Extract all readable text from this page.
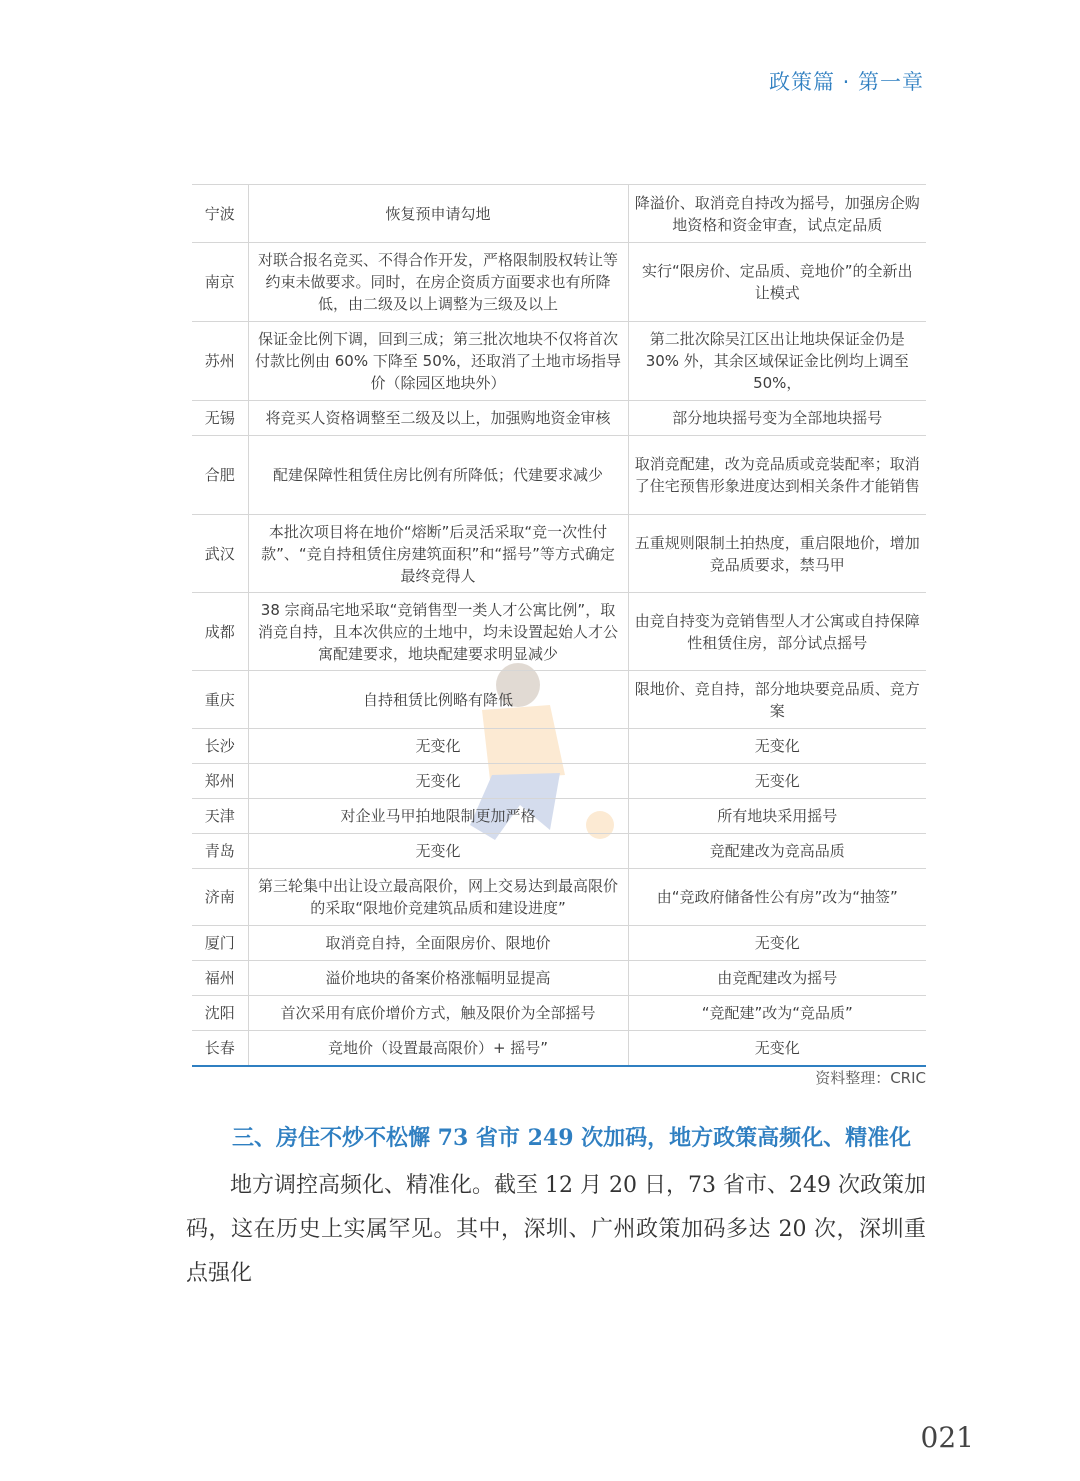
政策篇 · 第一章
宁波	恢复预申请勾地	降溢价、取消竞自持改为摇号，加强房企购地资格和资金审查，试点定品质
南京	对联合报名竞买、不得合作开发，严格限制股权转让等约束未做要求。同时，在房企资质方面要求也有所降低，由二级及以上调整为三级及以上	实行“限房价、定品质、竞地价”的全新出让模式
苏州	保证金比例下调，回到三成；第三批次地块不仅将首次付款比例由 60% 下降至 50%，还取消了土地市场指导价（除园区地块外）	第二批次除吴江区出让地块保证金仍是 30% 外，其余区域保证金比例均上调至 50%，
无锡	将竞买人资格调整至二级及以上，加强购地资金审核	部分地块摇号变为全部地块摇号
合肥	配建保障性租赁住房比例有所降低；代建要求减少	取消竞配建，改为竞品质或竞装配率；取消了住宅预售形象进度达到相关条件才能销售
武汉	本批次项目将在地价“熔断”后灵活采取“竞一次性付款”、“竞自持租赁住房建筑面积”和“摇号”等方式确定最终竞得人	五重规则限制土拍热度，重启限地价，增加竞品质要求，禁马甲
成都	38 宗商品宅地采取“竞销售型一类人才公寓比例”，取消竞自持，且本次供应的土地中，均未设置起始人才公寓配建要求，地块配建要求明显减少	由竞自持变为竞销售型人才公寓或自持保障性租赁住房，部分试点摇号
重庆	自持租赁比例略有降低	限地价、竞自持，部分地块要竞品质、竞方案
长沙	无变化	无变化
郑州	无变化	无变化
天津	对企业马甲拍地限制更加严格	所有地块采用摇号
青岛	无变化	竞配建改为竞高品质
济南	第三轮集中出让设立最高限价，网上交易达到最高限价的采取“限地价竞建筑品质和建设进度”	由“竞政府储备性公有房”改为“抽签”
厦门	取消竞自持，全面限房价、限地价	无变化
福州	溢价地块的备案价格涨幅明显提高	由竞配建改为摇号
沈阳	首次采用有底价增价方式，触及限价为全部摇号	“竞配建”改为“竞品质”
长春	竞地价（设置最高限价）+ 摇号”	无变化
资料整理：CRIC
三、房住不炒不松懈 73 省市 249 次加码，地方政策高频化、精准化

地方调控高频化、精准化。截至 12 月 20 日，73 省市、249 次政策加码，这在历史上实属罕见。其中，深圳、广州政策加码多达 20 次，深圳重点强化

021
